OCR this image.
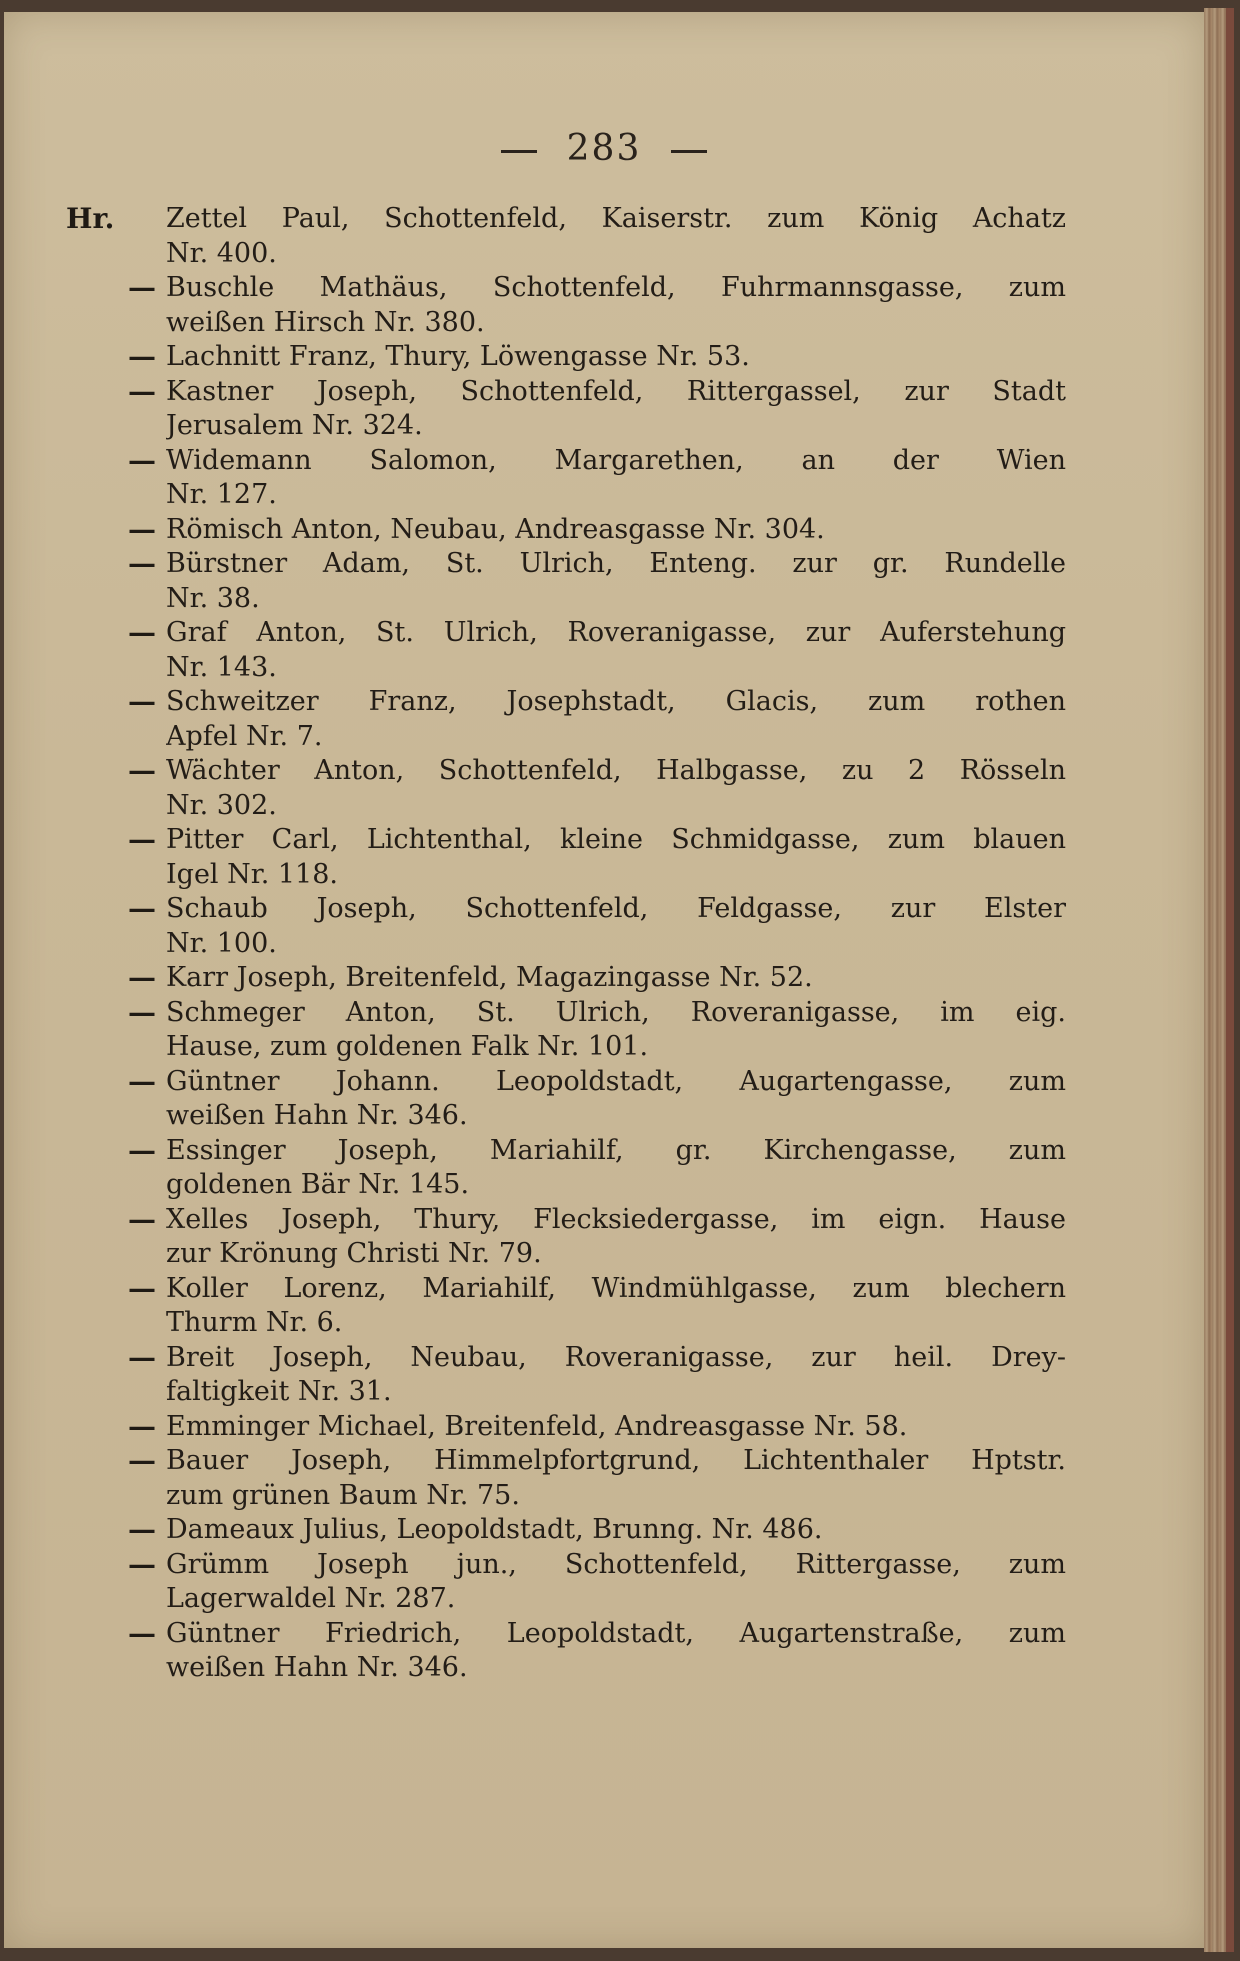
283
Hr.	Zettel Paul, Schottenfeld, Kaiserstr. zum König Achatz
Nr. 400.
— Buschle Mathäus, Schottenfeld, Fuhrmannsgasse, zum
weißen Hirsch Nr. 380.
— Lachnitt Franz, Thury, Löwengasse Nr. 53.
— Kastner Joseph, Schottenfeld, Rittergassel, zur Stadt
Jerusalem Nr. 324.
— Widemann Salomon, Margarethen, an der Wien
Nr. 127.
— Römisch Anton, Neubau, Andreasgasse Nr. 304.
— Bürstner Adam, St. Ulrich, Enteng. zur gr. Rundelle
Nr. 38.
— Graf Anton, St. Ulrich, Roveranigasse, zur Auferstehung
Nr. 143.
— Schweitzer Franz, Josephstadt, Glacis, zum rothen
Apfel Nr. 7.
— Wächter Anton, Schottenfeld, Halbgasse, zu 2 Rösseln
Nr. 302.
— Pitter Carl, Lichtenthal, kleine Schmidgasse, zum blauen
Igel Nr. 118.
— Schaub Joseph, Schottenfeld, Feldgasse, zur Elster
Nr. 100.
— Karr Joseph, Breitenfeld, Magazingasse Nr. 52.
— Schmeger Anton, St. Ulrich, Roveranigasse, im eig.
Hause, zum goldenen Falk Nr. 101.
— Güntner Johann. Leopoldstadt, Augartengasse, zum
weißen Hahn Nr. 346.
— Essinger Joseph, Mariahilf, gr. Kirchengasse, zum
goldenen Bär Nr. 145.
— Xelles Joseph, Thury, Flecksiedergasse, im eign. Hause
zur Krönung Christi Nr. 79.
— Koller Lorenz, Mariahilf, Windmühlgasse, zum blechern
Thurm Nr. 6.
— Breit Joseph, Neubau, Roveranigasse, zur heil. Drey-
faltigkeit Nr. 31.
— Emminger Michael, Breitenfeld, Andreasgasse Nr. 58.
— Bauer Joseph, Himmelpfortgrund, Lichtenthaler Hptstr.
zum grünen Baum Nr. 75.
— Dameaux Julius, Leopoldstadt, Brunng. Nr. 486.
— Grümm Joseph jun., Schottenfeld, Rittergasse, zum
Lagerwaldel Nr. 287.
— Güntner Friedrich, Leopoldstadt, Augartenstraße, zum
weißen Hahn Nr. 346.
